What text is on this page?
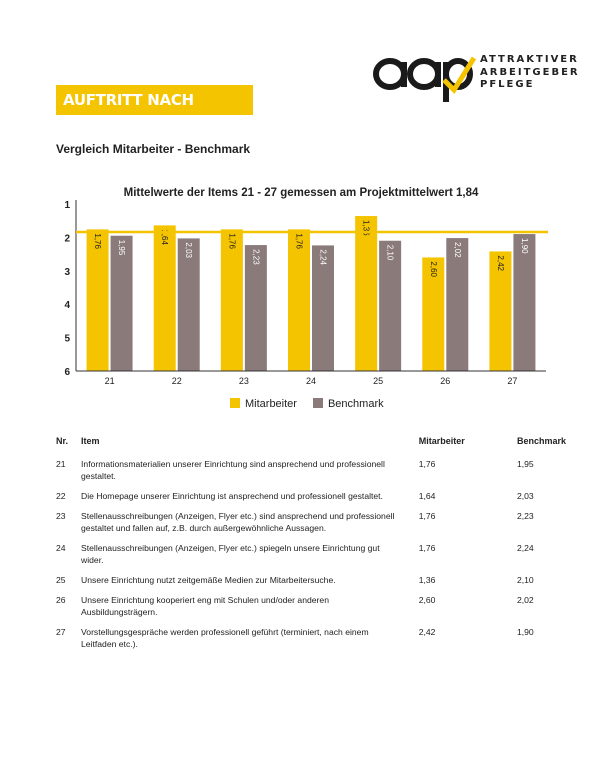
AUFTRITT NACH AUSSEN
ATTRAKTIVER
ARBEITGEBER
PFLEGE
Vergleich Mitarbeiter - Benchmark
Mittelwerte der Items 21 - 27 gemessen am Projektmittelwert 1,84
1
2
3
4
5
6
1,76 1,95
21
1,64
2,03
22
1,76
2,23
23
1,76
2,24
24
1,36
2,10
25
2,60
2,02
26
2,42
1,90
27
Mitarbeiter	Benchmark
Nr.	Item	Mitarbeiter	Benchmark
21	Informationsmaterialien unserer Einrichtung sind ansprechend und professionell gestaltet.	1,76	1,95
22	Die Homepage unserer Einrichtung ist ansprechend und professionell gestaltet.	1,64	2,03
23	Stellenausschreibungen (Anzeigen, Flyer etc.) sind ansprechend und professionell gestaltet und fallen auf, z.B. durch außergewöhnliche Aussagen.	1,76	2,23
24	Stellenausschreibungen (Anzeigen, Flyer etc.) spiegeln unsere Einrichtung gut wider.	1,76	2,24
25	Unsere Einrichtung nutzt zeitgemäße Medien zur Mitarbeitersuche.	1,36	2,10
26	Unsere Einrichtung kooperiert eng mit Schulen und/oder anderen Ausbildungsträgern.	2,60	2,02
27	Vorstellungsgespräche werden professionell geführt (terminiert, nach einem Leitfaden etc.).	2,42	1,90
